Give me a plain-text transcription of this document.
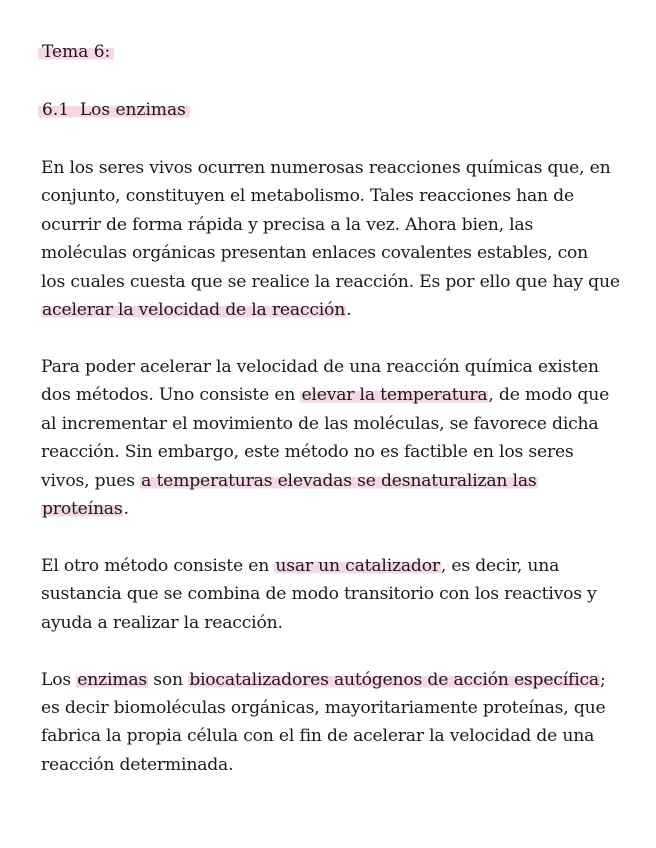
Tema 6:
6.1  Los enzimas

En los seres vivos ocurren numerosas reacciones químicas que, en
conjunto, constituyen el metabolismo. Tales reacciones han de
ocurrir de forma rápida y precisa a la vez. Ahora bien, las
moléculas orgánicas presentan enlaces covalentes estables, con
los cuales cuesta que se realice la reacción. Es por ello que hay que
acelerar la velocidad de la reacción.

Para poder acelerar la velocidad de una reacción química existen
dos métodos. Uno consiste en elevar la temperatura, de modo que
al incrementar el movimiento de las moléculas, se favorece dicha
reacción. Sin embargo, este método no es factible en los seres
vivos, pues a temperaturas elevadas se desnaturalizan las
proteínas.

El otro método consiste en usar un catalizador, es decir, una
sustancia que se combina de modo transitorio con los reactivos y
ayuda a realizar la reacción.

Los enzimas son biocatalizadores autógenos de acción específica;
es decir biomoléculas orgánicas, mayoritariamente proteínas, que
fabrica la propia célula con el fin de acelerar la velocidad de una
reacción determinada.
